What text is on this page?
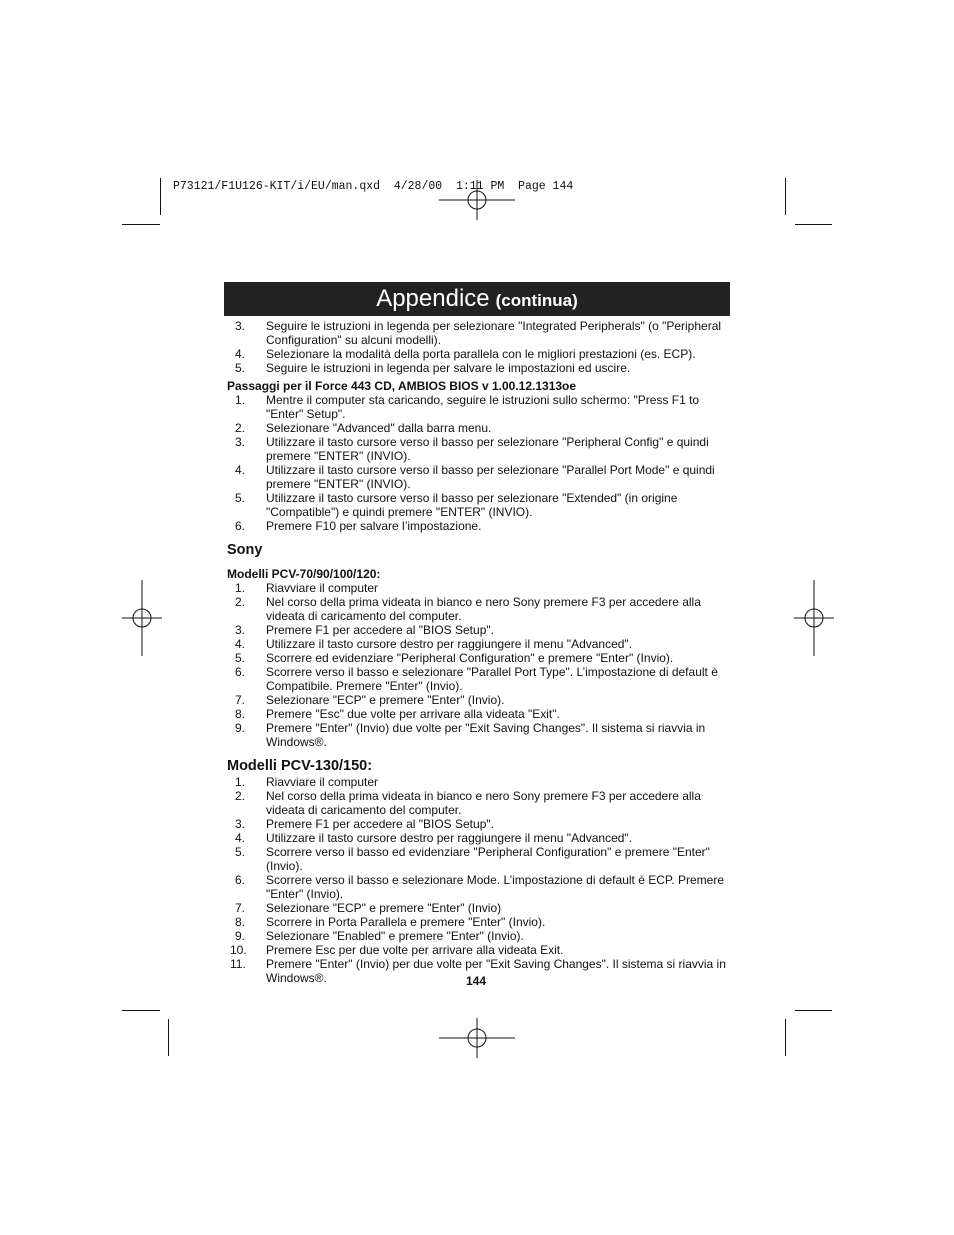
P73121/F1U126-KIT/i/EU/man.qxd  4/28/00  1:11 PM  Page 144
Appendice (continua)
3. Seguire le istruzioni in legenda per selezionare "Integrated Peripherals" (o "Peripheral Configuration" su alcuni modelli).
4. Selezionare la modalità della porta parallela con le migliori prestazioni (es. ECP).
5. Seguire le istruzioni in legenda per salvare le impostazioni ed uscire.

Passaggi per il Force 443 CD, AMBIOS BIOS v 1.00.12.1313oe

1. Mentre il computer sta caricando, seguire le istruzioni sullo schermo: "Press F1 to "Enter" Setup".
2. Selezionare "Advanced" dalla barra menu.
3. Utilizzare il tasto cursore verso il basso per selezionare "Peripheral Config" e quindi premere "ENTER" (INVIO).
4. Utilizzare il tasto cursore verso il basso per selezionare "Parallel Port Mode" e quindi premere "ENTER" (INVIO).
5. Utilizzare il tasto cursore verso il basso per selezionare "Extended" (in origine "Compatible") e quindi premere "ENTER" (INVIO).
6. Premere F10 per salvare l’impostazione.

Sony

Modelli PCV-70/90/100/120:

1. Riavviare il computer
2. Nel corso della prima videata in bianco e nero Sony premere F3 per accedere alla videata di caricamento del computer.
3. Premere F1 per accedere al "BIOS Setup".
4. Utilizzare il tasto cursore destro per raggiungere il menu "Advanced".
5. Scorrere ed evidenziare "Peripheral Configuration" e premere "Enter" (Invio).
6. Scorrere verso il basso e selezionare "Parallel Port Type". L’impostazione di default è Compatibile. Premere "Enter" (Invio).
7. Selezionare "ECP" e premere "Enter" (Invio).
8. Premere "Esc" due volte per arrivare alla videata "Exit".
9. Premere "Enter" (Invio) due volte per "Exit Saving Changes". Il sistema si riavvia in Windows®.

Modelli PCV-130/150:

1. Riavviare il computer
2. Nel corso della prima videata in bianco e nero Sony premere F3 per accedere alla videata di caricamento del computer.
3. Premere F1 per accedere al "BIOS Setup".
4. Utilizzare il tasto cursore destro per raggiungere il menu "Advanced".
5. Scorrere verso il basso ed evidenziare "Peripheral Configuration" e premere "Enter" (Invio).
6. Scorrere verso il basso e selezionare Mode. L’impostazione di default è ECP. Premere "Enter" (Invio).
7. Selezionare "ECP" e premere "Enter" (Invio)
8. Scorrere in Porta Parallela e premere "Enter" (Invio).
9. Selezionare "Enabled" e premere "Enter" (Invio).
10. Premere Esc per due volte per arrivare alla videata Exit.
11. Premere "Enter" (Invio) per due volte per "Exit Saving Changes". Il sistema si riavvia in Windows®.	144
